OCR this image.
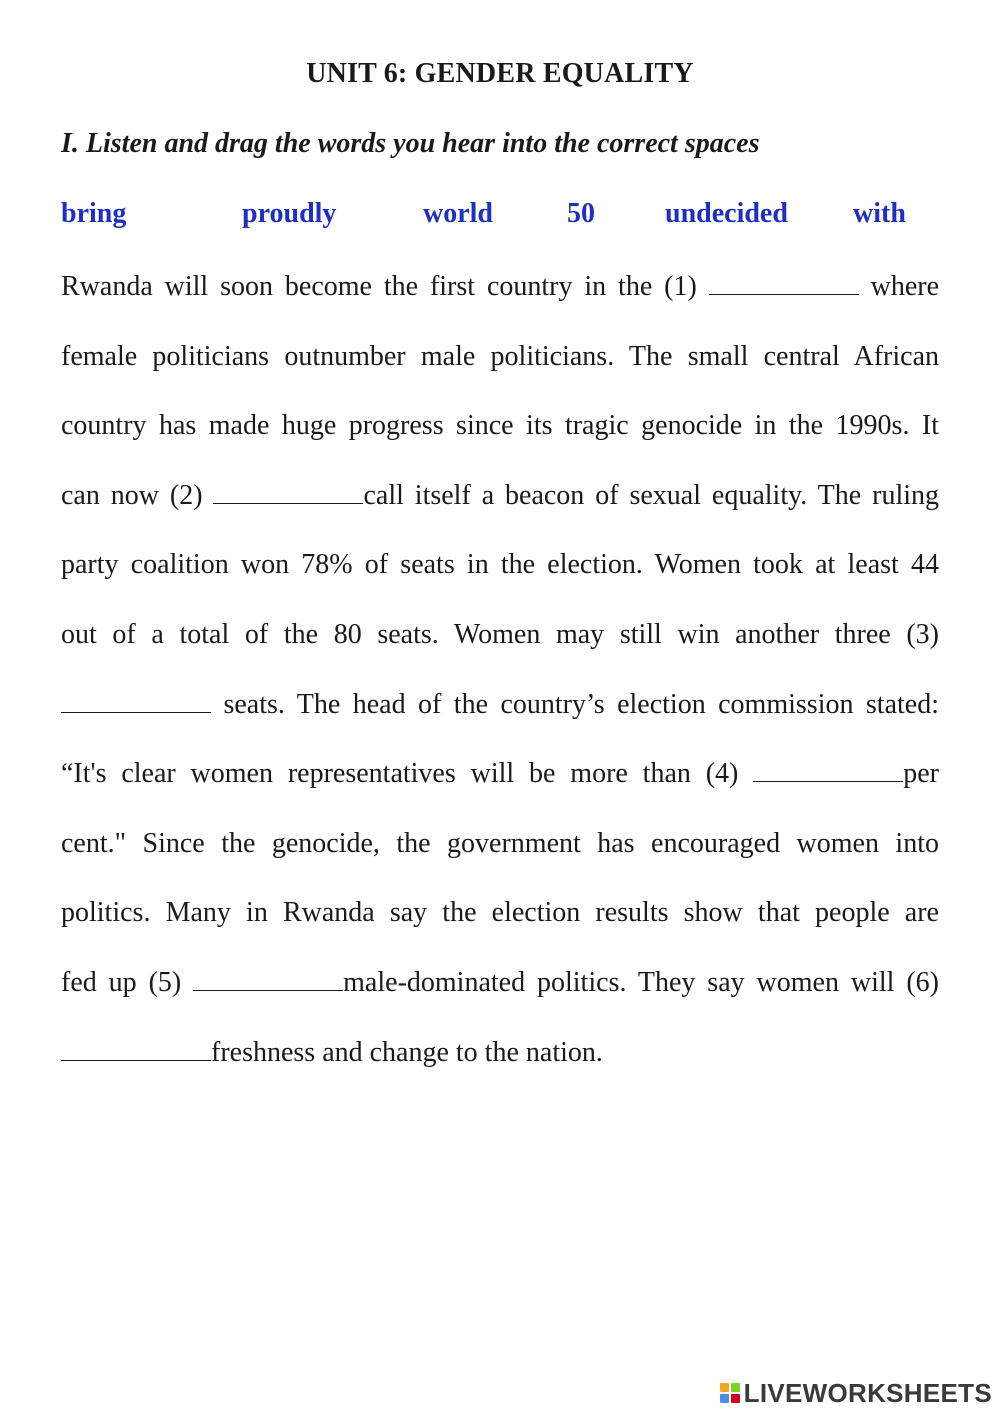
UNIT 6: GENDER EQUALITY
I. Listen and drag the words you hear into the correct spaces
bring	proudly	world	50	undecided with
Rwanda will soon become the first country in the (1)	where
female politicians outnumber male politicians. The small central African
country has made huge progress since its tragic genocide in the 1990s. It
can now (2)	call itself a beacon of sexual equality. The ruling
party coalition won 78% of seats in the election. Women took at least 44
out of a total of the 80 seats. Women may still win another three (3)
seats. The head of the country’s election commission stated:
“It's clear women representatives will be more than (4)	per
cent." Since the genocide, the government has encouraged women into
politics. Many in Rwanda say the election results show that people are
fed up (5)	male-dominated politics. They say women will (6)
freshness and change to the nation.
LIVEWORKSHEETS
